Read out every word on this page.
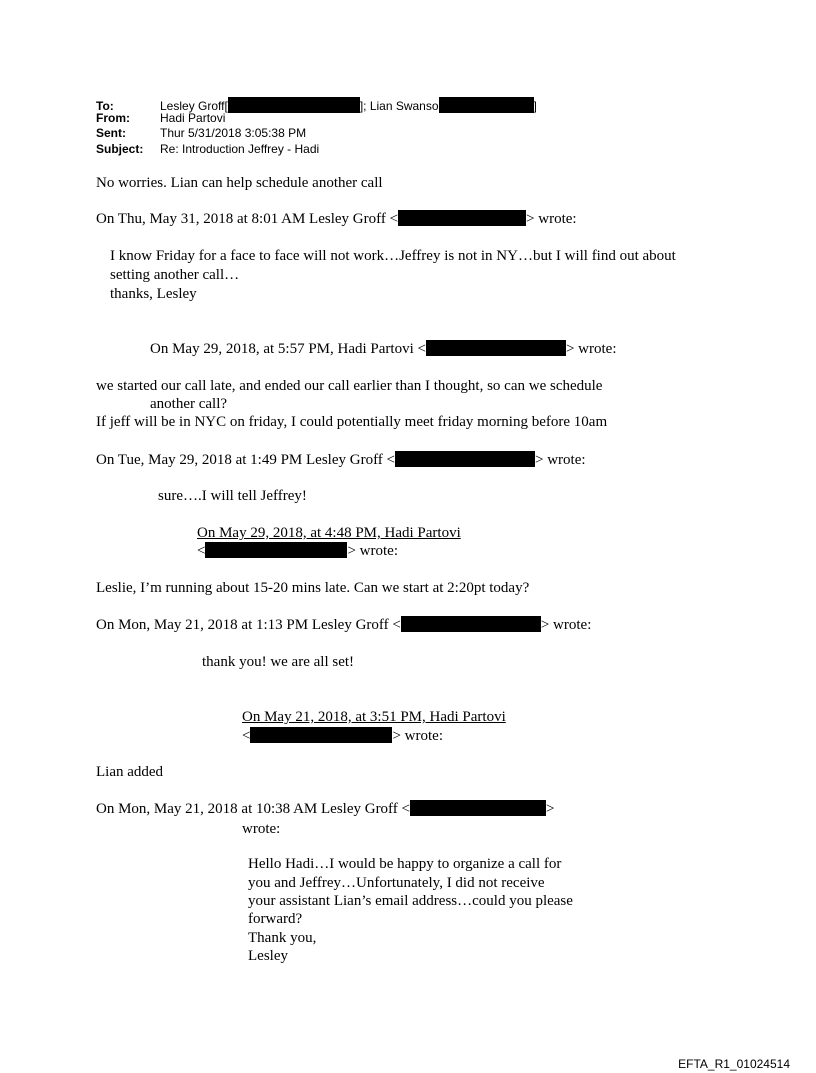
To:	Lesley Groff[	]; Lian Swanso	]
From:	Hadi Partovi
Sent:	Thur 5/31/2018 3:05:38 PM
Subject: Re: Introduction Jeffrey - Hadi
No worries. Lian can help schedule another call
On Thu, May 31, 2018 at 8:01 AM Lesley Groff <	> wrote:
I know Friday for a face to face will not work…Jeffrey is not in NY…but I will find out about
setting another call…
thanks, Lesley
On May 29, 2018, at 5:57 PM, Hadi Partovi <	> wrote:
we started our call late, and ended our call earlier than I thought, so can we schedule
another call?
If jeff will be in NYC on friday, I could potentially meet friday morning before 10am
On Tue, May 29, 2018 at 1:49 PM Lesley Groff <	> wrote:
sure….I will tell Jeffrey!
On May 29, 2018, at 4:48 PM, Hadi Partovi
<	> wrote:
Leslie, I’m running about 15-20 mins late. Can we start at 2:20pt today?
On Mon, May 21, 2018 at 1:13 PM Lesley Groff <	> wrote:
thank you! we are all set!
On May 21, 2018, at 3:51 PM, Hadi Partovi
<	> wrote:
Lian added
On Mon, May 21, 2018 at 10:38 AM Lesley Groff <	>
wrote:
Hello Hadi…I would be happy to organize a call for
you and Jeffrey…Unfortunately, I did not receive
your assistant Lian’s email address…could you please
forward?
Thank you,
Lesley
EFTA_R1_01024514
